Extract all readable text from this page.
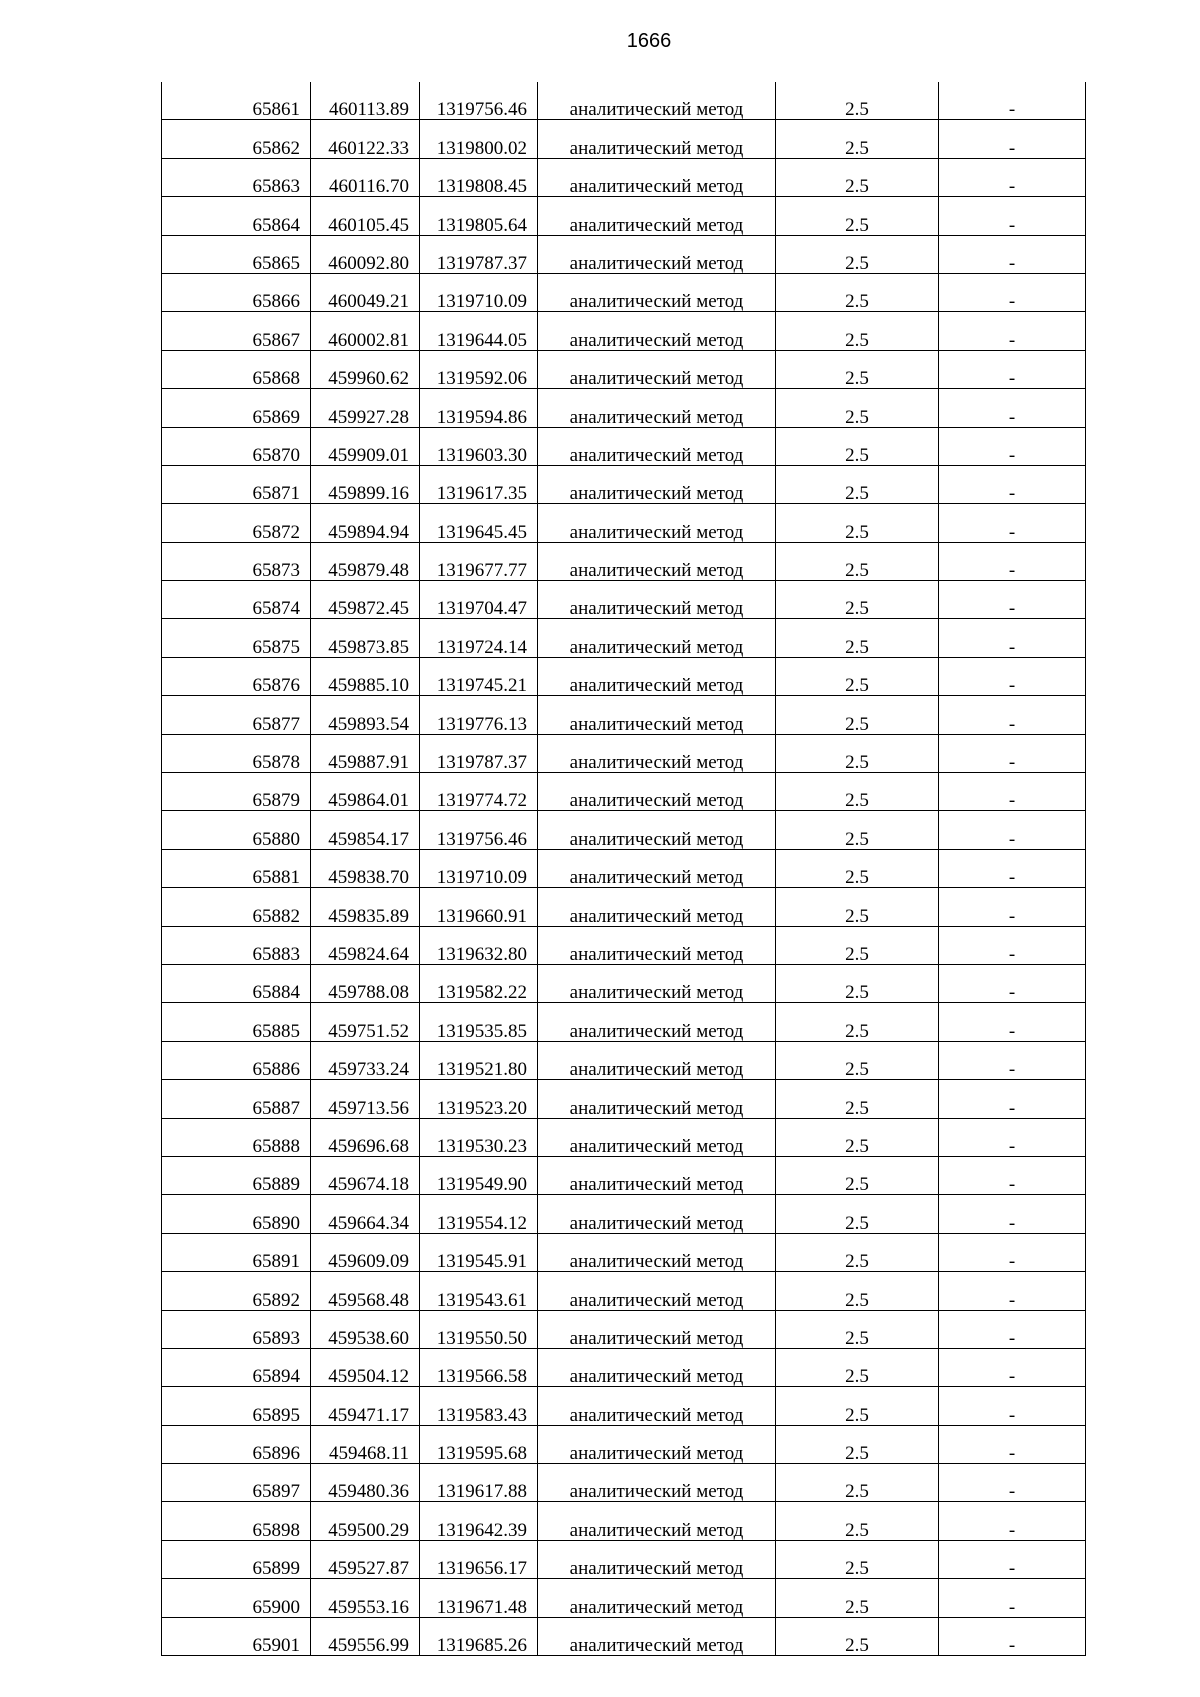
1666
65861	460113.89	1319756.46	аналитический метод	2.5	-
65862	460122.33	1319800.02	аналитический метод	2.5	-
65863	460116.70	1319808.45	аналитический метод	2.5	-
65864	460105.45	1319805.64	аналитический метод	2.5	-
65865	460092.80	1319787.37	аналитический метод	2.5	-
65866	460049.21	1319710.09	аналитический метод	2.5	-
65867	460002.81	1319644.05	аналитический метод	2.5	-
65868	459960.62	1319592.06	аналитический метод	2.5	-
65869	459927.28	1319594.86	аналитический метод	2.5	-
65870	459909.01	1319603.30	аналитический метод	2.5	-
65871	459899.16	1319617.35	аналитический метод	2.5	-
65872	459894.94	1319645.45	аналитический метод	2.5	-
65873	459879.48	1319677.77	аналитический метод	2.5	-
65874	459872.45	1319704.47	аналитический метод	2.5	-
65875	459873.85	1319724.14	аналитический метод	2.5	-
65876	459885.10	1319745.21	аналитический метод	2.5	-
65877	459893.54	1319776.13	аналитический метод	2.5	-
65878	459887.91	1319787.37	аналитический метод	2.5	-
65879	459864.01	1319774.72	аналитический метод	2.5	-
65880	459854.17	1319756.46	аналитический метод	2.5	-
65881	459838.70	1319710.09	аналитический метод	2.5	-
65882	459835.89	1319660.91	аналитический метод	2.5	-
65883	459824.64	1319632.80	аналитический метод	2.5	-
65884	459788.08	1319582.22	аналитический метод	2.5	-
65885	459751.52	1319535.85	аналитический метод	2.5	-
65886	459733.24	1319521.80	аналитический метод	2.5	-
65887	459713.56	1319523.20	аналитический метод	2.5	-
65888	459696.68	1319530.23	аналитический метод	2.5	-
65889	459674.18	1319549.90	аналитический метод	2.5	-
65890	459664.34	1319554.12	аналитический метод	2.5	-
65891	459609.09	1319545.91	аналитический метод	2.5	-
65892	459568.48	1319543.61	аналитический метод	2.5	-
65893	459538.60	1319550.50	аналитический метод	2.5	-
65894	459504.12	1319566.58	аналитический метод	2.5	-
65895	459471.17	1319583.43	аналитический метод	2.5	-
65896	459468.11	1319595.68	аналитический метод	2.5	-
65897	459480.36	1319617.88	аналитический метод	2.5	-
65898	459500.29	1319642.39	аналитический метод	2.5	-
65899	459527.87	1319656.17	аналитический метод	2.5	-
65900	459553.16	1319671.48	аналитический метод	2.5	-
65901	459556.99	1319685.26	аналитический метод	2.5	-
